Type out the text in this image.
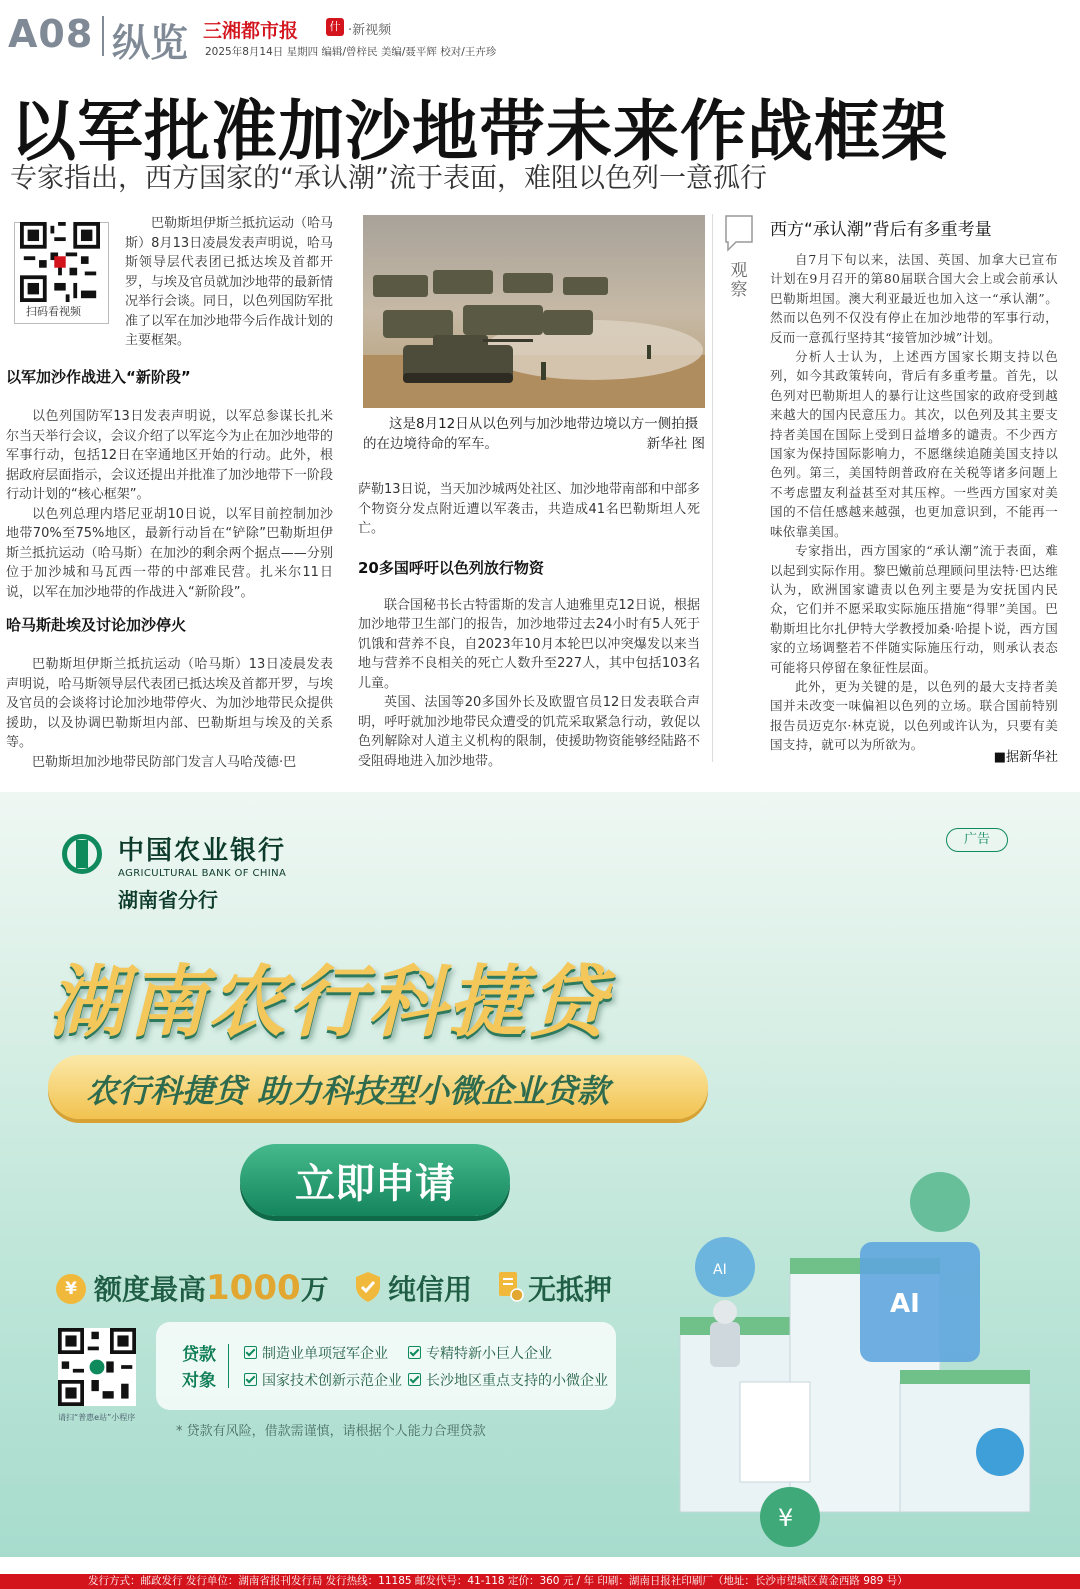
A08 纵览 三湘都市报	什 ·新视频
2025年8月14日 星期四 编辑/曾梓民 美编/聂平辉 校对/王卉珍
以军批准加沙地带未来作战框架
专家指出，西方国家的“承认潮”流于表面，难阻以色列一意孤行
扫码看视频

巴勒斯坦伊斯兰抵抗运动（哈马斯）8月13日凌晨发表声明说，哈马斯领导层代表团已抵达埃及首都开罗，与埃及官员就加沙地带的最新情况举行会谈。同日，以色列国防军批准了以军在加沙地带今后作战计划的主要框架。

以军加沙作战进入“新阶段”

以色列国防军13日发表声明说，以军总参谋长扎米尔当天举行会议，会议介绍了以军迄今为止在加沙地带的军事行动，包括12日在宰通地区开始的行动。此外，根据政府层面指示，会议还提出并批准了加沙地带下一阶段行动计划的“核心框架”。

以色列总理内塔尼亚胡10日说，以军目前控制加沙地带70%至75%地区，最新行动旨在“铲除”巴勒斯坦伊斯兰抵抗运动（哈马斯）在加沙的剩余两个据点——分别位于加沙城和马瓦西一带的中部难民营。扎米尔11日说，以军在加沙地带的作战进入“新阶段”。

哈马斯赴埃及讨论加沙停火

巴勒斯坦伊斯兰抵抗运动（哈马斯）13日凌晨发表声明说，哈马斯领导层代表团已抵达埃及首都开罗，与埃及官员的会谈将讨论加沙地带停火、为加沙地带民众提供援助，以及协调巴勒斯坦内部、巴勒斯坦与埃及的关系等。

巴勒斯坦加沙地带民防部门发言人马哈茂德·巴

这是8月12日从以色列与加沙地带边境以方一侧拍摄的在边境待命的军车。	新华社 图

萨勒13日说，当天加沙城两处社区、加沙地带南部和中部多个物资分发点附近遭以军袭击，共造成41名巴勒斯坦人死亡。

20多国呼吁以色列放行物资

联合国秘书长古特雷斯的发言人迪雅里克12日说，根据加沙地带卫生部门的报告，加沙地带过去24小时有5人死于饥饿和营养不良，自2023年10月本轮巴以冲突爆发以来当地与营养不良相关的死亡人数升至227人，其中包括103名儿童。

英国、法国等20多国外长及欧盟官员12日发表联合声明，呼吁就加沙地带民众遭受的饥荒采取紧急行动，敦促以色列解除对人道主义机构的限制，使援助物资能够经陆路不受阻碍地进入加沙地带。

观察
西方“承认潮”背后有多重考量

自7月下旬以来，法国、英国、加拿大已宣布计划在9月召开的第80届联合国大会上或会前承认巴勒斯坦国。澳大利亚最近也加入这一“承认潮”。然而以色列不仅没有停止在加沙地带的军事行动，反而一意孤行坚持其“接管加沙城”计划。

分析人士认为，上述西方国家长期支持以色列，如今其政策转向，背后有多重考量。首先，以色列对巴勒斯坦人的暴行让这些国家的政府受到越来越大的国内民意压力。其次，以色列及其主要支持者美国在国际上受到日益增多的谴责。不少西方国家为保持国际影响力，不愿继续追随美国支持以色列。第三，美国特朗普政府在关税等诸多问题上不考虑盟友利益甚至对其压榨。一些西方国家对美国的不信任感越来越强，也更加意识到，不能再一味依靠美国。

专家指出，西方国家的“承认潮”流于表面，难以起到实际作用。黎巴嫩前总理顾问里法特·巴达维认为，欧洲国家谴责以色列主要是为安抚国内民众，它们并不愿采取实际施压措施“得罪”美国。巴勒斯坦比尔扎伊特大学教授加桑·哈提卜说，西方国家的立场调整若不伴随实际施压行动，则承认表态可能将只停留在象征性层面。

此外，更为关键的是，以色列的最大支持者美国并未改变一味偏袒以色列的立场。联合国前特别报告员迈克尔·林克说，以色列或许认为，只要有美国支持，就可以为所欲为。

■据新华社
AI
¥
AI
中国农业银行
AGRICULTURAL BANK OF CHINA
湖南省分行
广告
湖南农行科捷贷
农行科捷贷 助力科技型小微企业贷款
立即申请
¥ 额度最高1000万 纯信用 无抵押
请扫“普惠e站”小程序
贷款
对象
制造业单项冠军企业	专精特新小巨人企业
国家技术创新示范企业 长沙地区重点支持的小微企业
* 贷款有风险，借款需谨慎，请根据个人能力合理贷款
发行方式：邮政发行 发行单位：湖南省报刊发行局 发行热线：11185 邮发代号：41-118 定价：360 元 / 年 印刷：湖南日报社印刷厂（地址：长沙市望城区黄金西路 989 号）
